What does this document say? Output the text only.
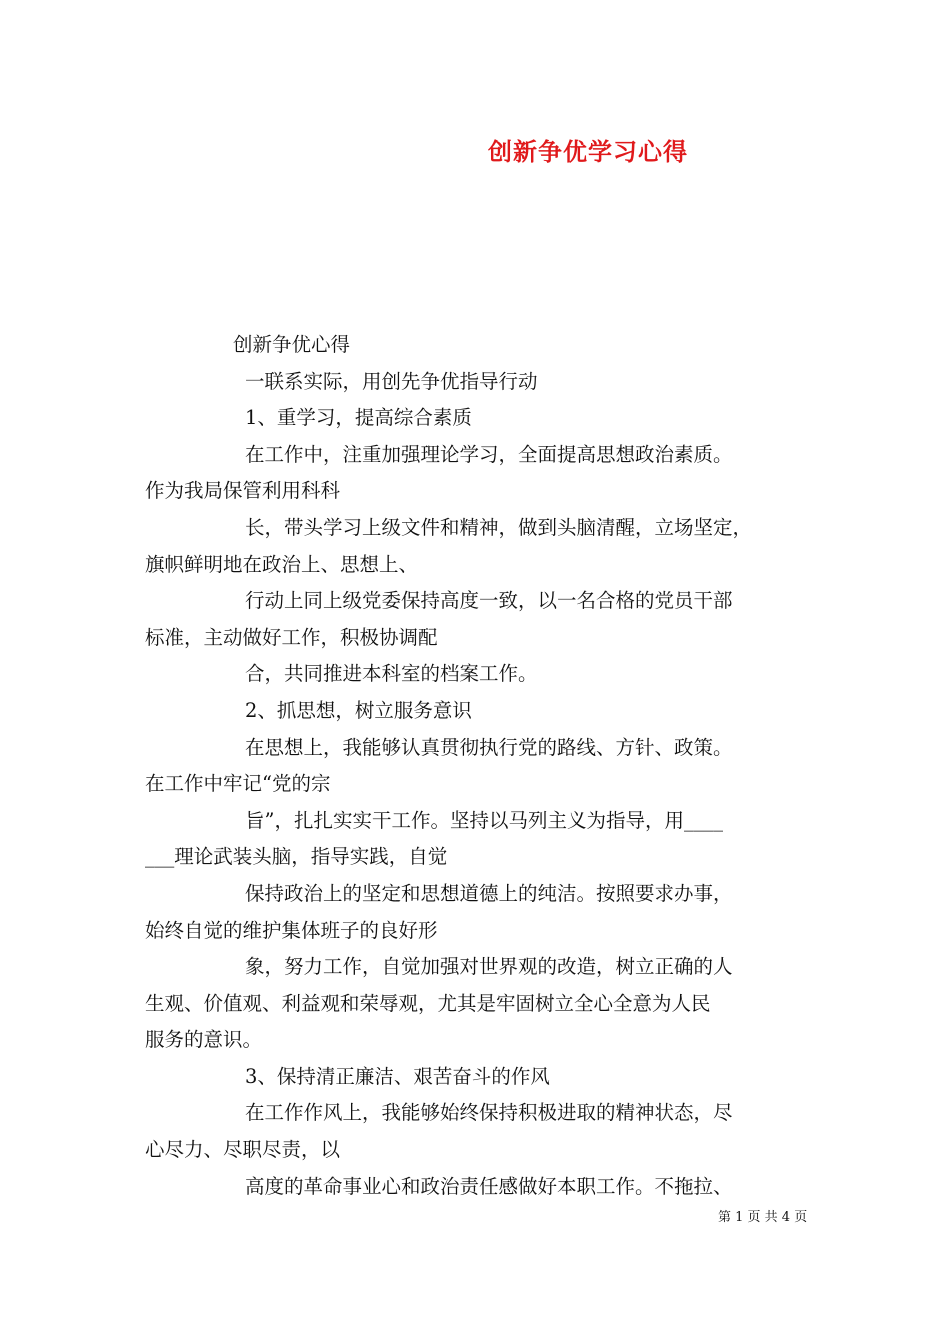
创新争优学习心得
创新争优心得
一联系实际，用创先争优指导行动
1、重学习，提高综合素质
在工作中，注重加强理论学习，全面提高思想政治素质。
作为我局保管利用科科
长，带头学习上级文件和精神，做到头脑清醒，立场坚定，
旗帜鲜明地在政治上、思想上、
行动上同上级党委保持高度一致，以一名合格的党员干部
标准，主动做好工作，积极协调配
合，共同推进本科室的档案工作。
2、抓思想，树立服务意识
在思想上，我能够认真贯彻执行党的路线、方针、政策。
在工作中牢记“党的宗
旨”，扎扎实实干工作。坚持以马列主义为指导，用____
___理论武装头脑，指导实践，自觉
保持政治上的坚定和思想道德上的纯洁。按照要求办事，
始终自觉的维护集体班子的良好形
象，努力工作，自觉加强对世界观的改造，树立正确的人
生观、价值观、利益观和荣辱观，尤其是牢固树立全心全意为人民
服务的意识。
3、保持清正廉洁、艰苦奋斗的作风
在工作作风上，我能够始终保持积极进取的精神状态，尽
心尽力、尽职尽责，以
高度的革命事业心和政治责任感做好本职工作。不拖拉、
第 1 页 共 4 页
